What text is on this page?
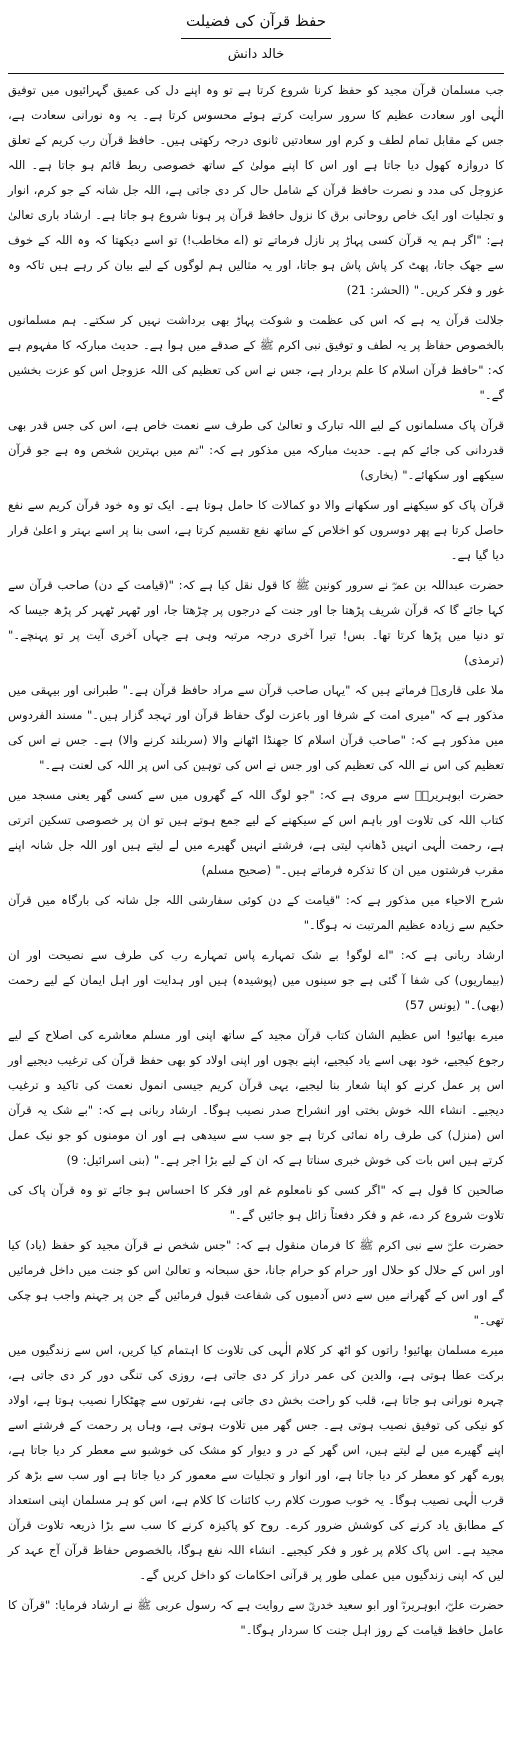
حفظ قرآن کی فضیلت

خالد دانش

جب مسلمان قرآن مجید کو حفظ کرنا شروع کرتا ہے تو وہ اپنے دل کی عمیق گہرائیوں میں توفیق الٰہی اور سعادت عظیم کا سرور سرایت کرتے ہوئے محسوس کرتا ہے۔ یہ وہ نورانی سعادت ہے، جس کے مقابل تمام لطف و کرم اور سعادتیں ثانوی درجہ رکھتی ہیں۔ حافظ قرآن رب کریم کے تعلق کا دروازہ کھول دیا جاتا ہے اور اس کا اپنے مولیٰ کے ساتھ خصوصی ربط قائم ہو جاتا ہے۔ اللہ عزوجل کی مدد و نصرت حافظ قرآن کے شامل حال کر دی جاتی ہے، اللہ جل شانہ کے جو کرم، انوار و تجلیات اور ایک خاص روحانی برق کا نزول حافظ قرآن پر ہونا شروع ہو جاتا ہے۔ ارشاد باری تعالیٰ ہے: "اگر ہم یہ قرآن کسی پہاڑ پر نازل فرماتے تو (اے مخاطب!) تو اسے دیکھتا کہ وہ اللہ کے خوف سے جھک جاتا، پھٹ کر پاش پاش ہو جاتا، اور یہ مثالیں ہم لوگوں کے لیے بیان کر رہے ہیں تاکہ وہ غور و فکر کریں۔" (الحشر: 21)

جلالت قرآن یہ ہے کہ اس کی عظمت و شوکت پہاڑ بھی برداشت نہیں کر سکتے۔ ہم مسلمانوں بالخصوص حفاظ پر یہ لطف و توفیق نبی اکرم ﷺ کے صدقے میں ہوا ہے۔ حدیث مبارکہ کا مفہوم ہے کہ: "حافظ قرآن اسلام کا علم بردار ہے، جس نے اس کی تعظیم کی اللہ عزوجل اس کو عزت بخشیں گے۔"

قرآن پاک مسلمانوں کے لیے اللہ تبارک و تعالیٰ کی طرف سے نعمت خاص ہے، اس کی جس قدر بھی قدردانی کی جائے کم ہے۔ حدیث مبارکہ میں مذکور ہے کہ: "تم میں بہترین شخص وہ ہے جو قرآن سیکھے اور سکھائے۔" (بخاری)

قرآن پاک کو سیکھنے اور سکھانے والا دو کمالات کا حامل ہوتا ہے۔ ایک تو وہ خود قرآن کریم سے نفع حاصل کرتا ہے پھر دوسروں کو اخلاص کے ساتھ نفع تقسیم کرتا ہے، اسی بنا پر اسے بہتر و اعلیٰ قرار دیا گیا ہے۔

حضرت عبداللہ بن عمرؓ نے سرور کونین ﷺ کا قول نقل کیا ہے کہ: "(قیامت کے دن) صاحب قرآن سے کہا جائے گا کہ قرآن شریف پڑھتا جا اور جنت کے درجوں پر چڑھتا جا، اور ٹھہر ٹھہر کر پڑھ جیسا کہ تو دنیا میں پڑھا کرتا تھا۔ بس! تیرا آخری درجہ مرتبہ وہی ہے جہاں آخری آیت پر تو پہنچے۔" (ترمذی)

ملا علی قاریؒ فرماتے ہیں کہ "یہاں صاحب قرآن سے مراد حافظ قرآن ہے۔" طبرانی اور بیہقی میں مذکور ہے کہ "میری امت کے شرفا اور باعزت لوگ حفاظ قرآن اور تہجد گزار ہیں۔" مسند الفردوس میں مذکور ہے کہ: "صاحب قرآن اسلام کا جھنڈا اٹھانے والا (سربلند کرنے والا) ہے۔ جس نے اس کی تعظیم کی اس نے اللہ کی تعظیم کی اور جس نے اس کی توہین کی اس پر اللہ کی لعنت ہے۔"

حضرت ابوہریرہؓ سے مروی ہے کہ: "جو لوگ اللہ کے گھروں میں سے کسی گھر یعنی مسجد میں کتاب اللہ کی تلاوت اور باہم اس کے سیکھنے کے لیے جمع ہوتے ہیں تو ان پر خصوصی تسکین اترتی ہے، رحمت الٰہی انہیں ڈھانپ لیتی ہے، فرشتے انہیں گھیرے میں لے لیتے ہیں اور اللہ جل شانہ اپنے مقرب فرشتوں میں ان کا تذکرہ فرماتے ہیں۔" (صحیح مسلم)

شرح الاحیاء میں مذکور ہے کہ: "قیامت کے دن کوئی سفارشی اللہ جل شانہ کی بارگاہ میں قرآن حکیم سے زیادہ عظیم المرتبت نہ ہوگا۔"

ارشاد ربانی ہے کہ: "اے لوگو! بے شک تمہارے پاس تمہارے رب کی طرف سے نصیحت اور ان (بیماریوں) کی شفا آ گئی ہے جو سینوں میں (پوشیدہ) ہیں اور ہدایت اور اہل ایمان کے لیے رحمت (بھی)۔" (یونس 57)

میرے بھائیو! اس عظیم الشان کتاب قرآن مجید کے ساتھ اپنی اور مسلم معاشرے کی اصلاح کے لیے رجوع کیجیے، خود بھی اسے یاد کیجیے، اپنے بچوں اور اپنی اولاد کو بھی حفظ قرآن کی ترغیب دیجیے اور اس پر عمل کرنے کو اپنا شعار بنا لیجیے، یہی قرآن کریم جیسی انمول نعمت کی تاکید و ترغیب دیجیے۔ انشاء اللہ خوش بختی اور انشراح صدر نصیب ہوگا۔ ارشاد ربانی ہے کہ: "بے شک یہ قرآن اس (منزل) کی طرف راہ نمائی کرتا ہے جو سب سے سیدھی ہے اور ان مومنوں کو جو نیک عمل کرتے ہیں اس بات کی خوش خبری سناتا ہے کہ ان کے لیے بڑا اجر ہے۔" (بنی اسرائیل: 9)

صالحین کا قول ہے کہ "اگر کسی کو نامعلوم غم اور فکر کا احساس ہو جائے تو وہ قرآن پاک کی تلاوت شروع کر دے، غم و فکر دفعتاً زائل ہو جائیں گے۔"

حضرت علیؓ سے نبی اکرم ﷺ کا فرمان منقول ہے کہ: "جس شخص نے قرآن مجید کو حفظ (یاد) کیا اور اس کے حلال کو حلال اور حرام کو حرام جانا، حق سبحانہ و تعالیٰ اس کو جنت میں داخل فرمائیں گے اور اس کے گھرانے میں سے دس آدمیوں کی شفاعت قبول فرمائیں گے جن پر جہنم واجب ہو چکی تھی۔"

میرے مسلمان بھائیو! راتوں کو اٹھ کر کلام الٰہی کی تلاوت کا اہتمام کیا کریں، اس سے زندگیوں میں برکت عطا ہوتی ہے، والدین کی عمر دراز کر دی جاتی ہے، روزی کی تنگی دور کر دی جاتی ہے، چہرہ نورانی ہو جاتا ہے، قلب کو راحت بخش دی جاتی ہے، نفرتوں سے چھٹکارا نصیب ہوتا ہے، اولاد کو نیکی کی توفیق نصیب ہوتی ہے۔ جس گھر میں تلاوت ہوتی ہے، وہاں پر رحمت کے فرشتے اسے اپنے گھیرے میں لے لیتے ہیں، اس گھر کے در و دیوار کو مشک کی خوشبو سے معطر کر دیا جاتا ہے، پورے گھر کو معطر کر دیا جاتا ہے، اور انوار و تجلیات سے معمور کر دیا جاتا ہے اور سب سے بڑھ کر قرب الٰہی نصیب ہوگا۔ یہ خوب صورت کلام رب کائنات کا کلام ہے، اس کو ہر مسلمان اپنی استعداد کے مطابق یاد کرنے کی کوشش ضرور کرے۔ روح کو پاکیزہ کرنے کا سب سے بڑا ذریعہ تلاوت قرآن مجید ہے۔ اس پاک کلام پر غور و فکر کیجیے۔ انشاء اللہ نفع ہوگا، بالخصوص حفاظ قرآن آج عہد کر لیں کہ اپنی زندگیوں میں عملی طور پر قرآنی احکامات کو داخل کریں گے۔

حضرت علیؓ، ابوہریرہؓ اور ابو سعید خدریؓ سے روایت ہے کہ رسول عربی ﷺ نے ارشاد فرمایا: "قرآن کا عامل حافظ قیامت کے روز اہل جنت کا سردار ہوگا۔"
